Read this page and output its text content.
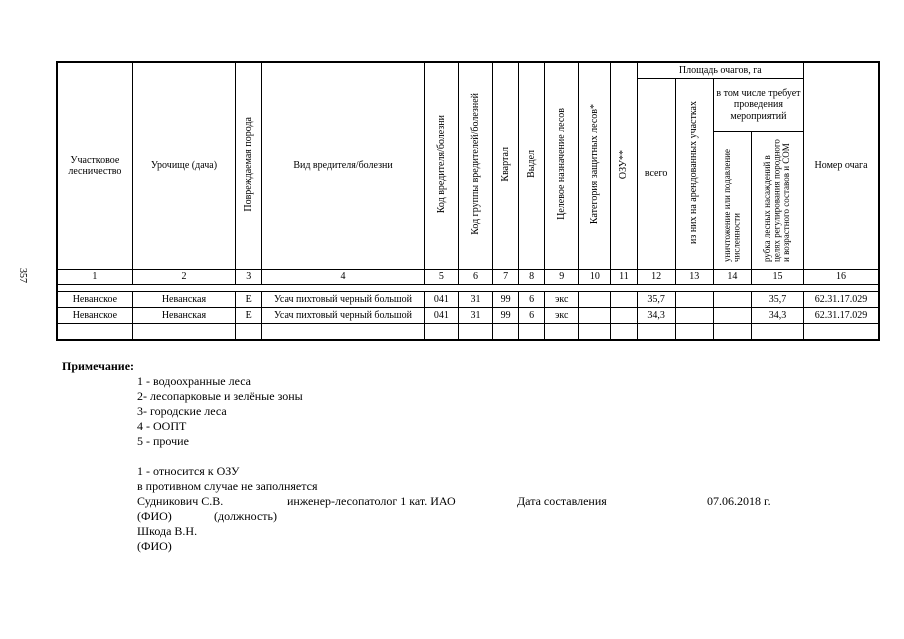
357
Участковое лесничество	Урочище (дача)	Повреждаемая порода	Вид вредителя/болезни	Код вредителя/болезни	Код группы вредителей/болезней	Квартал	Выдел	Целевое назначение лесов	Категория защитных лесов*	ОЗУ**	Площадь очагов, га				Номер очага
											всего	из них на арендованных участках	в том числе требует проведения мероприятий		
													уничтожение или подавление численности	рубка лесных насаждений в целях регулирования породного и возрастного составов и СОМ	
1	2	3	4	5	6	7	8	9	10	11	12	13	14	15	16

Неванское	Неванская	Е	Усач пихтовый черный большой	041	31	99	6	экс			35,7			35,7	62.31.17.029
Неванское	Неванская	Е	Усач пихтовый черный большой	041	31	99	6	экс			34,3			34,3	62.31.17.029

Примечание:
1 - водоохранные леса
2- лесопарковые и зелёные зоны
3- городские леса
4 - ООПТ
5 - прочие
1 - относится к ОЗУ
в противном случае не заполняется
Судникович С.В.	инженер-лесопатолог 1 кат. ИАО	Дата составления	07.06.2018 г.
(ФИО)	(должность)
Шкода В.Н.
(ФИО)
